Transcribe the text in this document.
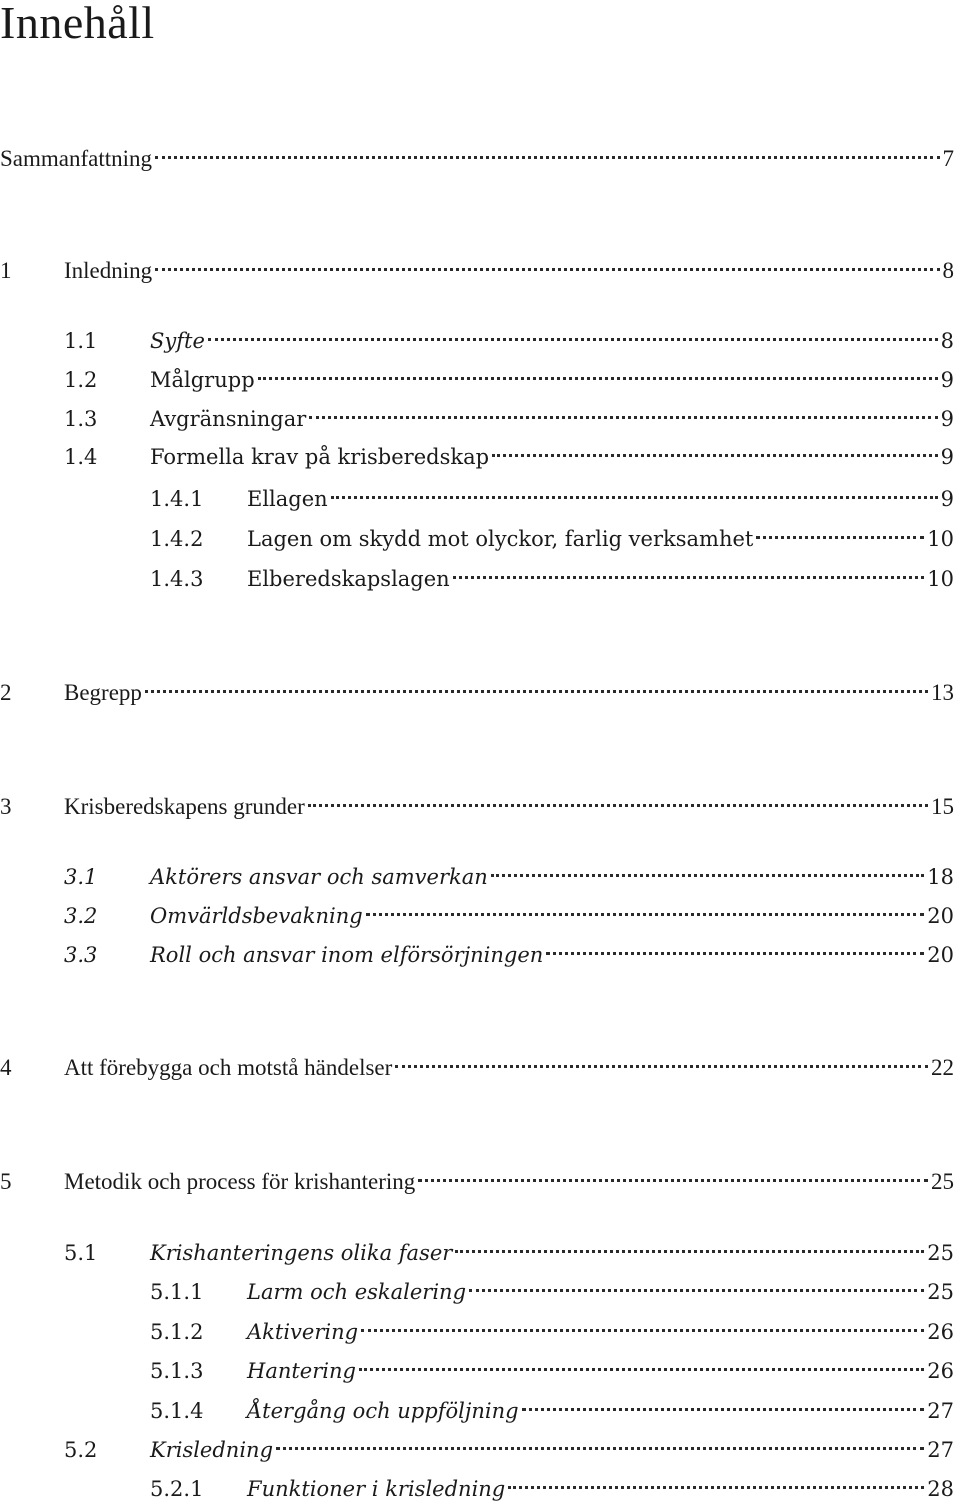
Innehåll
Sammanfattning	7
1	Inledning	8
1.1	Syfte	8
1.2	Målgrupp	9
1.3	Avgränsningar	9
1.4	Formella krav på krisberedskap	9
1.4.1	Ellagen	9
1.4.2	Lagen om skydd mot olyckor, farlig verksamhet	10
1.4.3	Elberedskapslagen	10
2	Begrepp	13
3	Krisberedskapens grunder	15
3.1	Aktörers ansvar och samverkan	18
3.2	Omvärldsbevakning	20
3.3	Roll och ansvar inom elförsörjningen	20
4	Att förebygga och motstå händelser	22
5	Metodik och process för krishantering	25
5.1	Krishanteringens olika faser	25
5.1.1	Larm och eskalering	25
5.1.2	Aktivering	26
5.1.3	Hantering	26
5.1.4	Återgång och uppföljning	27
5.2	Krisledning	27
5.2.1	Funktioner i krisledning	28
